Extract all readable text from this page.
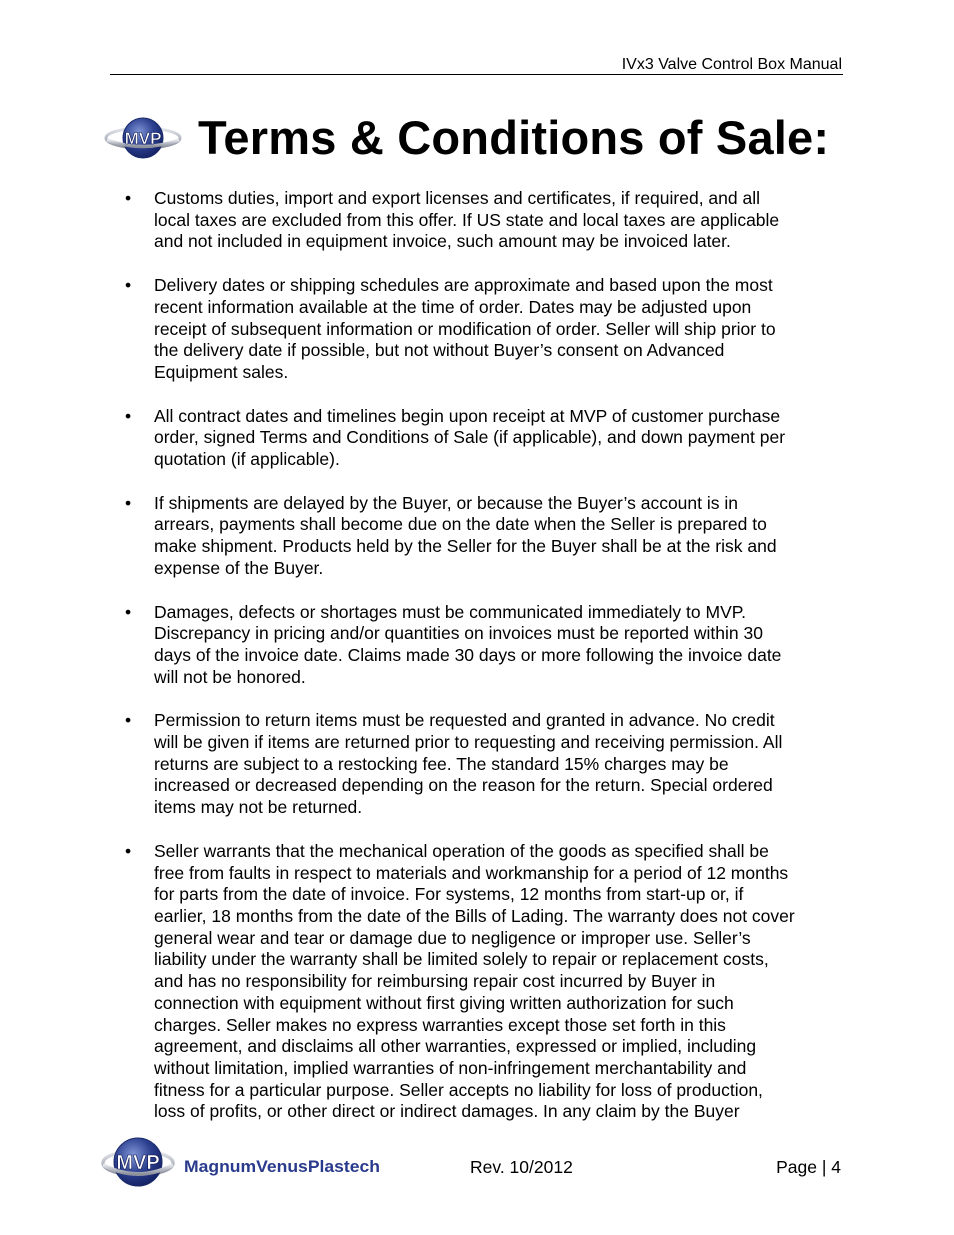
IVx3 Valve Control Box Manual
MVP Terms & Conditions of Sale:
• Customs duties, import and export licenses and certificates, if required, and all
local taxes are excluded from this offer. If US state and local taxes are applicable
and not included in equipment invoice, such amount may be invoiced later.
• Delivery dates or shipping schedules are approximate and based upon the most
recent information available at the time of order. Dates may be adjusted upon
receipt of subsequent information or modification of order. Seller will ship prior to
the delivery date if possible, but not without Buyer’s consent on Advanced
Equipment sales.
• All contract dates and timelines begin upon receipt at MVP of customer purchase
order, signed Terms and Conditions of Sale (if applicable), and down payment per
quotation (if applicable).
• If shipments are delayed by the Buyer, or because the Buyer’s account is in
arrears, payments shall become due on the date when the Seller is prepared to
make shipment. Products held by the Seller for the Buyer shall be at the risk and
expense of the Buyer.
• Damages, defects or shortages must be communicated immediately to MVP.
Discrepancy in pricing and/or quantities on invoices must be reported within 30
days of the invoice date. Claims made 30 days or more following the invoice date
will not be honored.
• Permission to return items must be requested and granted in advance. No credit
will be given if items are returned prior to requesting and receiving permission. All
returns are subject to a restocking fee. The standard 15% charges may be
increased or decreased depending on the reason for the return. Special ordered
items may not be returned.
• Seller warrants that the mechanical operation of the goods as specified shall be
free from faults in respect to materials and workmanship for a period of 12 months
for parts from the date of invoice. For systems, 12 months from start-up or, if
earlier, 18 months from the date of the Bills of Lading. The warranty does not cover
general wear and tear or damage due to negligence or improper use. Seller’s
liability under the warranty shall be limited solely to repair or replacement costs,
and has no responsibility for reimbursing repair cost incurred by Buyer in
connection with equipment without first giving written authorization for such
charges. Seller makes no express warranties except those set forth in this
agreement, and disclaims all other warranties, expressed or implied, including
without limitation, implied warranties of non-infringement merchantability and
fitness for a particular purpose. Seller accepts no liability for loss of production,
loss of profits, or other direct or indirect damages. In any claim by the Buyer
MVP MagnumVenusPlastech	Rev. 10/2012	Page | 4
